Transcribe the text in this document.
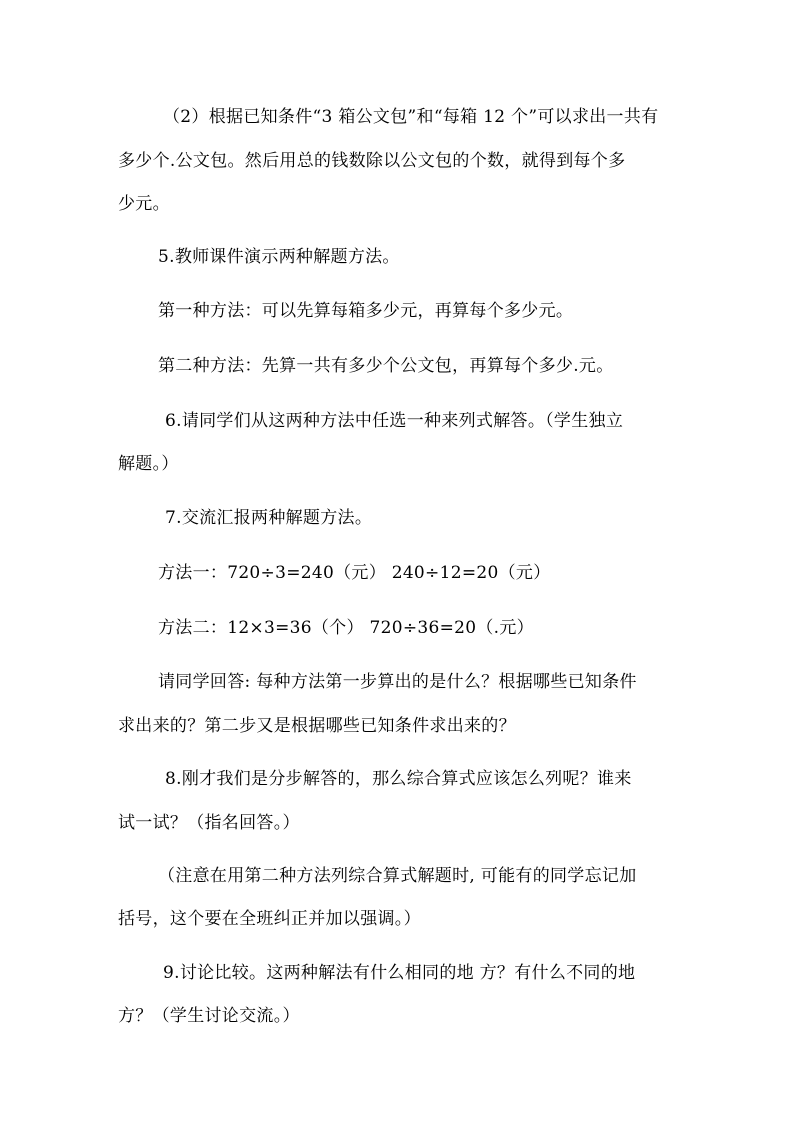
（2）根据已知条件“3 箱公文包”和“每箱 12 个”可以求出一共有
多少个.公文包。然后用总的钱数除以公文包的个数，就得到每个多
少元。
5.教师课件演示两种解题方法。
第一种方法：可以先算每箱多少元，再算每个多少元。
第二种方法：先算一共有多少个公文包，再算每个多少.元。
6.请同学们从这两种方法中任选一种来列式解答。（学生独立
解题。）
7.交流汇报两种解题方法。
方法一：720÷3=240（元） 240÷12=20（元）
方法二：12×3=36（个） 720÷36=20（.元）
请同学回答: 每种方法第一步算出的是什么？根据哪些已知条件
求出来的？第二步又是根据哪些已知条件求出来的？
8.刚才我们是分步解答的，那么综合算式应该怎么列呢？谁来
试一试？（指名回答。）
（注意在用第二种方法列综合算式解题时, 可能有的同学忘记加
括号，这个要在全班纠正并加以强调。）
9.讨论比较。这两种解法有什么相同的地 方？有什么不同的地
方？（学生讨论交流。）
